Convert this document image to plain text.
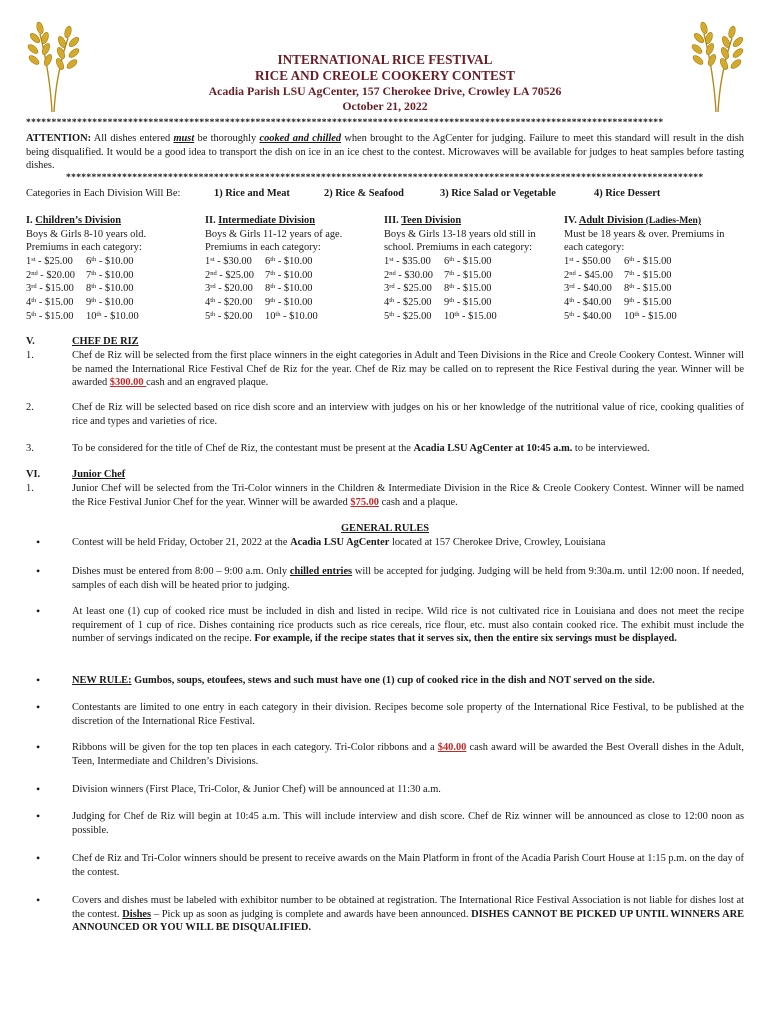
INTERNATIONAL RICE FESTIVAL
RICE AND CREOLE COOKERY CONTEST
Acadia Parish LSU AgCenter, 157 Cherokee Drive, Crowley LA 70526
October 21, 2022
*****************************************************************************************************************************
ATTENTION: All dishes entered must be thoroughly cooked and chilled when brought to the AgCenter for judging. Failure to meet this standard will result in the dish being disqualified. It would be a good idea to transport the dish on ice in an ice chest to the contest. Microwaves will be available for judges to heat samples before tasting dishes.
*****************************************************************************************************************************
Categories in Each Division Will Be:	1) Rice and Meat	2) Rice & Seafood	3) Rice Salad or Vegetable	4) Rice Dessert
I. Children’s Division
Boys & Girls 8-10 years old.
Premiums in each category:
1st - $25.00 6th - $10.00
2nd - $20.00 7th - $10.00
3rd - $15.00 8th - $10.00
4th - $15.00 9th - $10.00
5th - $15.00 10th - $10.00
II. Intermediate Division
Boys & Girls 11-12 years of age.
Premiums in each category:
1st - $30.00 6th - $10.00
2nd - $25.00 7th - $10.00
3rd - $20.00 8th - $10.00
4th - $20.00 9th - $10.00
5th - $20.00 10th - $10.00
III. Teen Division
Boys & Girls 13-18 years old still in
school. Premiums in each category:
1st - $35.00 6th - $15.00
2nd - $30.00 7th - $15.00
3rd - $25.00 8th - $15.00
4th - $25.00 9th - $15.00
5th - $25.00 10th - $15.00
IV. Adult Division (Ladies-Men)
Must be 18 years & over. Premiums in
each category:
1st - $50.00 6th - $15.00
2nd - $45.00 7th - $15.00
3rd - $40.00 8th - $15.00
4th - $40.00 9th - $15.00
5th - $40.00 10th - $15.00
V.	CHEF DE RIZ
1.	Chef de Riz will be selected from the first place winners in the eight categories in Adult and Teen Divisions in the Rice and Creole Cookery Contest. Winner will be named the International Rice Festival Chef de Riz for the year. Chef de Riz may be called on to represent the Rice Festival during the year. Winner will be awarded $300.00 cash and an engraved plaque.
2.	Chef de Riz will be selected based on rice dish score and an interview with judges on his or her knowledge of the nutritional value of rice, cooking qualities of rice and types and varieties of rice.
3.	To be considered for the title of Chef de Riz, the contestant must be present at the Acadia LSU AgCenter at 10:45 a.m. to be interviewed.
VI.	Junior Chef
1.	Junior Chef will be selected from the Tri-Color winners in the Children & Intermediate Division in the Rice & Creole Cookery Contest. Winner will be named the Rice Festival Junior Chef for the year. Winner will be awarded $75.00 cash and a plaque.
GENERAL RULES
•	Contest will be held Friday, October 21, 2022 at the Acadia LSU AgCenter located at 157 Cherokee Drive, Crowley, Louisiana
•	Dishes must be entered from 8:00 – 9:00 a.m. Only chilled entries will be accepted for judging. Judging will be held from 9:30a.m. until 12:00 noon. If needed, samples of each dish will be heated prior to judging.
•	At least one (1) cup of cooked rice must be included in dish and listed in recipe. Wild rice is not cultivated rice in Louisiana and does not meet the recipe requirement of 1 cup of rice. Dishes containing rice products such as rice cereals, rice flour, etc. must also contain cooked rice. The exhibit must include the number of servings indicated on the recipe. For example, if the recipe states that it serves six, then the entire six servings must be displayed.
•	NEW RULE: Gumbos, soups, etoufees, stews and such must have one (1) cup of cooked rice in the dish and NOT served on the side.
•	Contestants are limited to one entry in each category in their division. Recipes become sole property of the International Rice Festival, to be published at the discretion of the International Rice Festival.
•	Ribbons will be given for the top ten places in each category. Tri-Color ribbons and a $40.00 cash award will be awarded the Best Overall dishes in the Adult, Teen, Intermediate and Children’s Divisions.
•	Division winners (First Place, Tri-Color, & Junior Chef) will be announced at 11:30 a.m.
•	Judging for Chef de Riz will begin at 10:45 a.m. This will include interview and dish score. Chef de Riz winner will be announced as close to 12:00 noon as possible.
•	Chef de Riz and Tri-Color winners should be present to receive awards on the Main Platform in front of the Acadia Parish Court House at 1:15 p.m. on the day of the contest.
•	Covers and dishes must be labeled with exhibitor number to be obtained at registration. The International Rice Festival Association is not liable for dishes lost at the contest. Dishes – Pick up as soon as judging is complete and awards have been announced. DISHES CANNOT BE PICKED UP UNTIL WINNERS ARE ANNOUNCED OR YOU WILL BE DISQUALIFIED.
